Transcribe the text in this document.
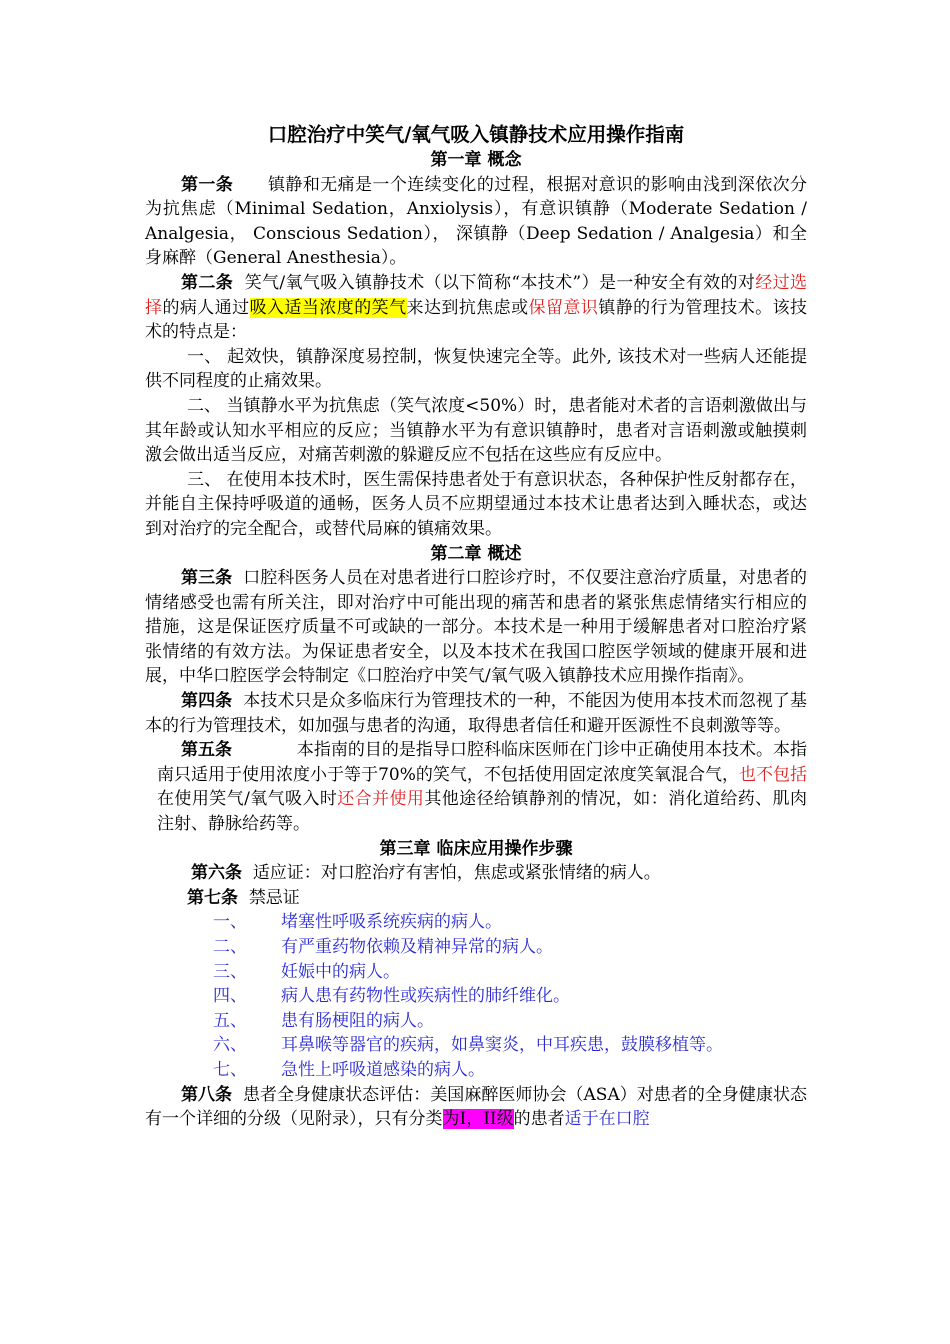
口腔治疗中笑气/氧气吸入镇静技术应用操作指南

第一章 概念

第一条 镇静和无痛是一个连续变化的过程，根据对意识的影响由浅到深依次分为抗焦虑（Minimal Sedation，Anxiolysis），有意识镇静（Moderate Sedation / Analgesia， Conscious Sedation）， 深镇静（Deep Sedation / Analgesia）和全身麻醉（General Anesthesia）。

第二条 笑气/氧气吸入镇静技术（以下简称“本技术”）是一种安全有效的对经过选择的病人通过吸入适当浓度的笑气来达到抗焦虑或保留意识镇静的行为管理技术。该技术的特点是：

一、 起效快，镇静深度易控制，恢复快速完全等。此外, 该技术对一些病人还能提供不同程度的止痛效果。

二、 当镇静水平为抗焦虑（笑气浓度<50%）时，患者能对术者的言语刺激做出与其年龄或认知水平相应的反应；当镇静水平为有意识镇静时，患者对言语刺激或触摸刺激会做出适当反应，对痛苦刺激的躲避反应不包括在这些应有反应中。

三、 在使用本技术时，医生需保持患者处于有意识状态，各种保护性反射都存在，并能自主保持呼吸道的通畅，医务人员不应期望通过本技术让患者达到入睡状态，或达到对治疗的完全配合，或替代局麻的镇痛效果。

第二章 概述

第三条 口腔科医务人员在对患者进行口腔诊疗时，不仅要注意治疗质量，对患者的情绪感受也需有所关注，即对治疗中可能出现的痛苦和患者的紧张焦虑情绪实行相应的措施，这是保证医疗质量不可或缺的一部分。本技术是一种用于缓解患者对口腔治疗紧张情绪的有效方法。为保证患者安全，以及本技术在我国口腔医学领域的健康开展和进展，中华口腔医学会特制定《口腔治疗中笑气/氧气吸入镇静技术应用操作指南》。

第四条 本技术只是众多临床行为管理技术的一种，不能因为使用本技术而忽视了基本的行为管理技术，如加强与患者的沟通，取得患者信任和避开医源性不良刺激等等。

第五条	本指南的目的是指导口腔科临床医师在门诊中正确使用本技术。本指南只适用于使用浓度小于等于70%的笑气，不包括使用固定浓度笑氧混合气，也不包括在使用笑气/氧气吸入时还合并使用其他途径给镇静剂的情况，如：消化道给药、肌肉注射、静脉给药等。

第三章 临床应用操作步骤

第六条 适应证：对口腔治疗有害怕，焦虑或紧张情绪的病人。

第七条 禁忌证

一、 堵塞性呼吸系统疾病的病人。

二、 有严重药物依赖及精神异常的病人。

三、 妊娠中的病人。

四、 病人患有药物性或疾病性的肺纤维化。

五、 患有肠梗阻的病人。

六、 耳鼻喉等器官的疾病，如鼻窦炎，中耳疾患，鼓膜移植等。

七、 急性上呼吸道感染的病人。

第八条 患者全身健康状态评估：美国麻醉医师协会（ASA）对患者的全身健康状态有一个详细的分级（见附录），只有分类为I，II级的患者适于在口腔
